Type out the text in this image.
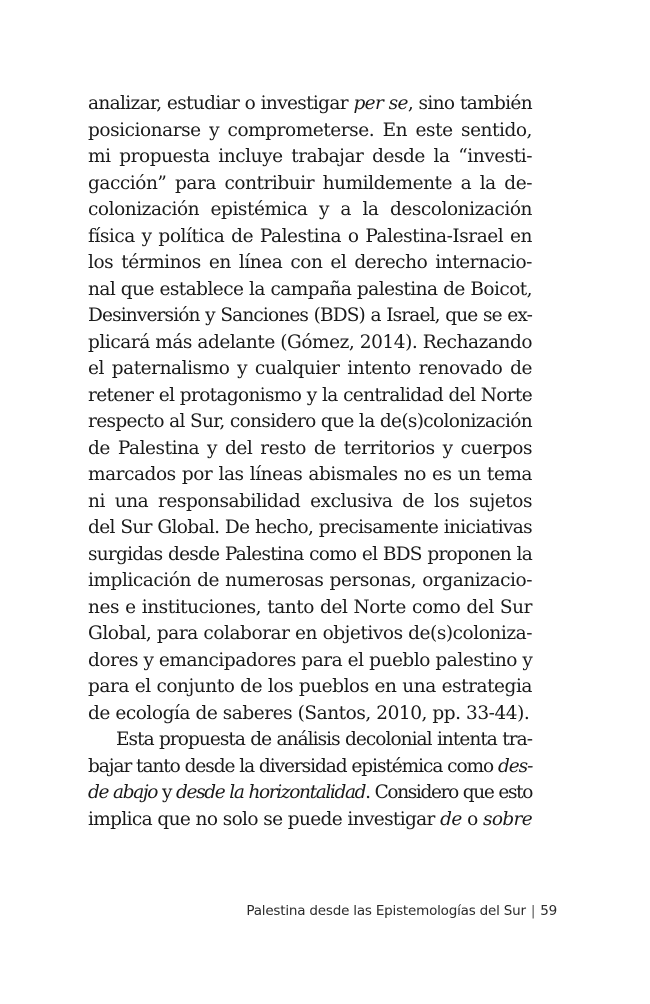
analizar, estudiar o investigar per se, sino también
posicionarse y comprometerse. En este sentido,
mi propuesta incluye trabajar desde la “investi-
gacción” para contribuir humildemente a la de-
colonización epistémica y a la descolonización
física y política de Palestina o Palestina-Israel en
los términos en línea con el derecho internacio-
nal que establece la campaña palestina de Boicot,
Desinversión y Sanciones (BDS) a Israel, que se ex-
plicará más adelante (Gómez, 2014). Rechazando
el paternalismo y cualquier intento renovado de
retener el protagonismo y la centralidad del Norte
respecto al Sur, considero que la de(s)colonización
de Palestina y del resto de territorios y cuerpos
marcados por las líneas abismales no es un tema
ni una responsabilidad exclusiva de los sujetos
del Sur Global. De hecho, precisamente iniciativas
surgidas desde Palestina como el BDS proponen la
implicación de numerosas personas, organizacio-
nes e instituciones, tanto del Norte como del Sur
Global, para colaborar en objetivos de(s)coloniza-
dores y emancipadores para el pueblo palestino y
para el conjunto de los pueblos en una estrategia
de ecología de saberes (Santos, 2010, pp. 33-44).
Esta propuesta de análisis decolonial intenta tra-
bajar tanto desde la diversidad epistémica como des-
de abajo y desde la horizontalidad. Considero que esto
implica que no solo se puede investigar de o sobre
Palestina desde las Epistemologías del Sur | 59
